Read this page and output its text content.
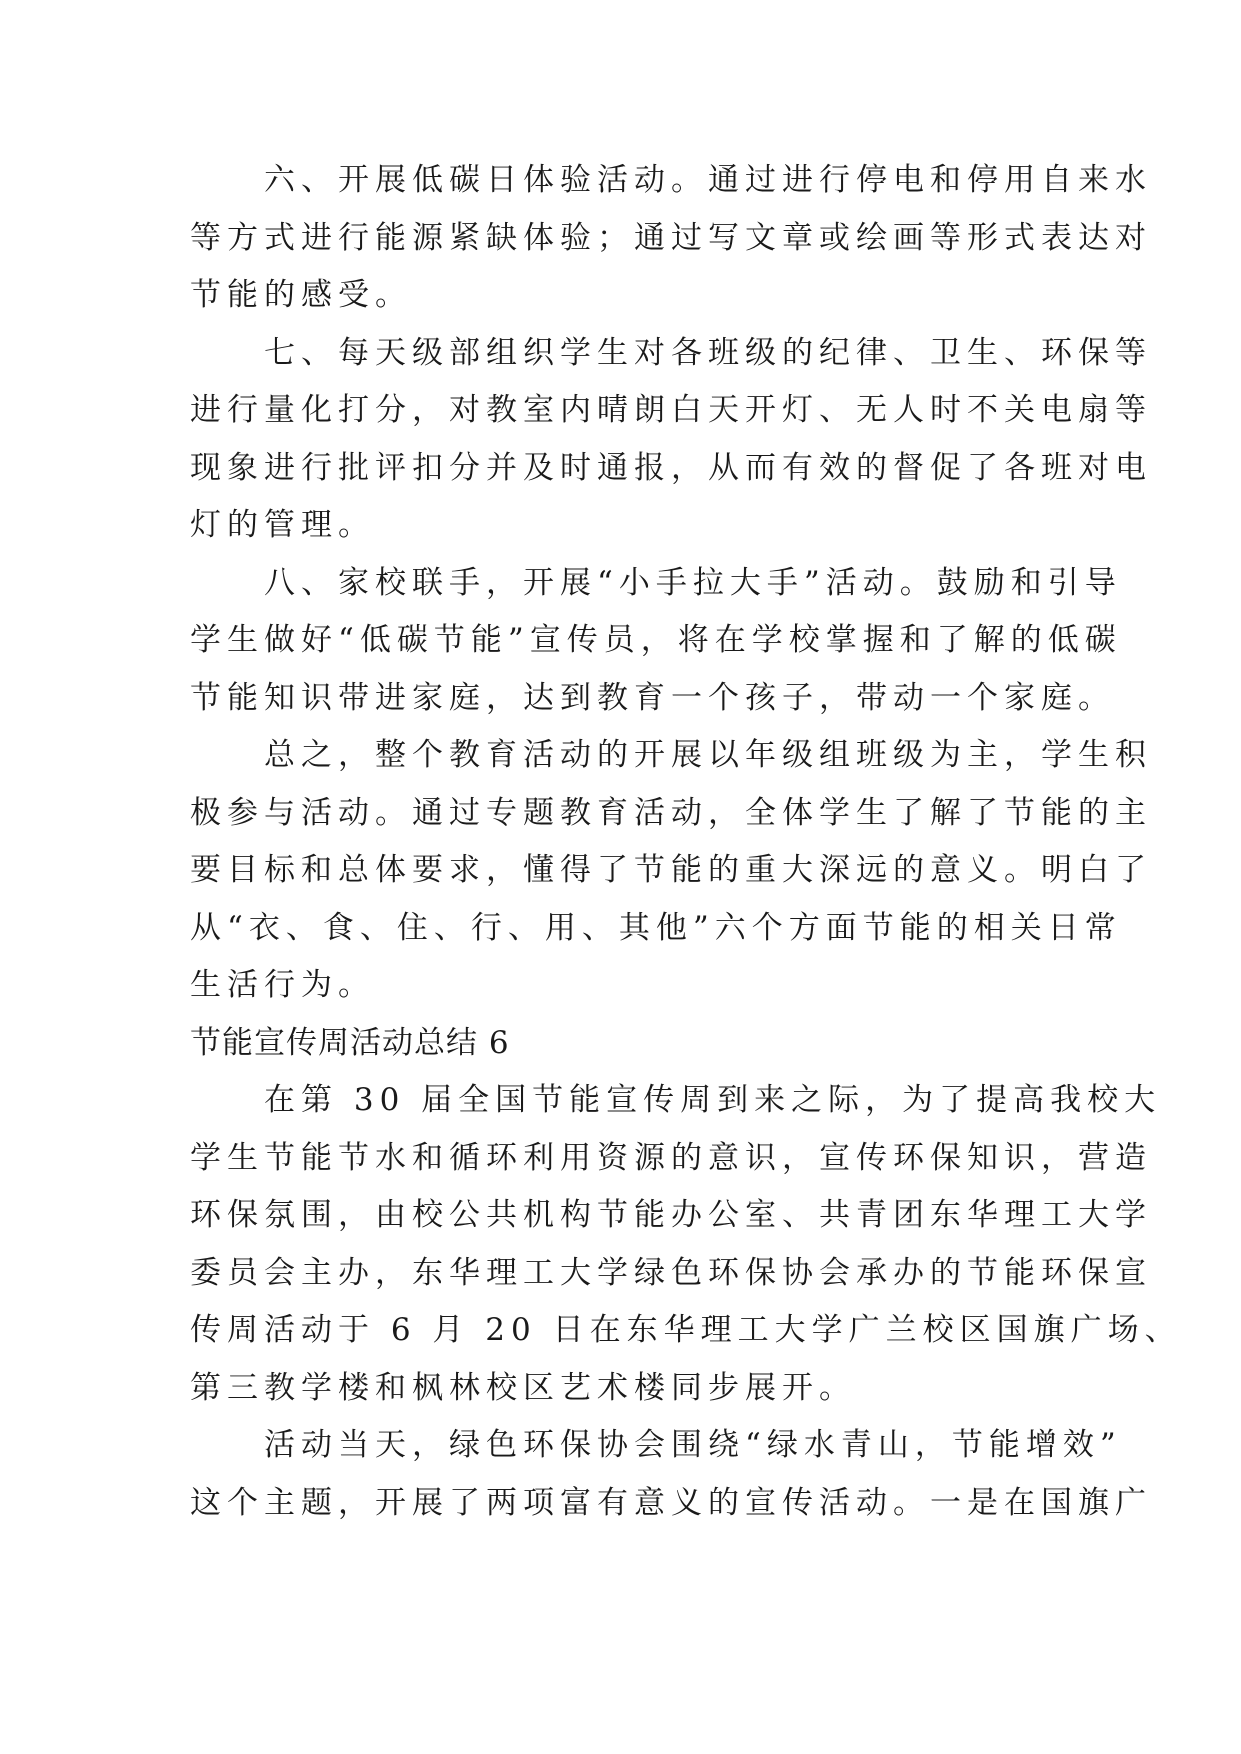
六、开展低碳日体验活动。通过进行停电和停用自来水
等方式进行能源紧缺体验；通过写文章或绘画等形式表达对
节能的感受。

七、每天级部组织学生对各班级的纪律、卫生、环保等
进行量化打分，对教室内晴朗白天开灯、无人时不关电扇等
现象进行批评扣分并及时通报，从而有效的督促了各班对电
灯的管理。

八、家校联手，开展“小手拉大手”活动。鼓励和引导
学生做好“低碳节能”宣传员，将在学校掌握和了解的低碳
节能知识带进家庭，达到教育一个孩子，带动一个家庭。

总之，整个教育活动的开展以年级组班级为主，学生积
极参与活动。通过专题教育活动，全体学生了解了节能的主
要目标和总体要求，懂得了节能的重大深远的意义。明白了
从“衣、食、住、行、用、其他”六个方面节能的相关日常
生活行为。

节能宣传周活动总结 6

在第 30 届全国节能宣传周到来之际，为了提高我校大
学生节能节水和循环利用资源的意识，宣传环保知识，营造
环保氛围，由校公共机构节能办公室、共青团东华理工大学
委员会主办，东华理工大学绿色环保协会承办的节能环保宣
传周活动于 6 月 20 日在东华理工大学广兰校区国旗广场、
第三教学楼和枫林校区艺术楼同步展开。

活动当天，绿色环保协会围绕“绿水青山，节能增效”
这个主题，开展了两项富有意义的宣传活动。一是在国旗广
